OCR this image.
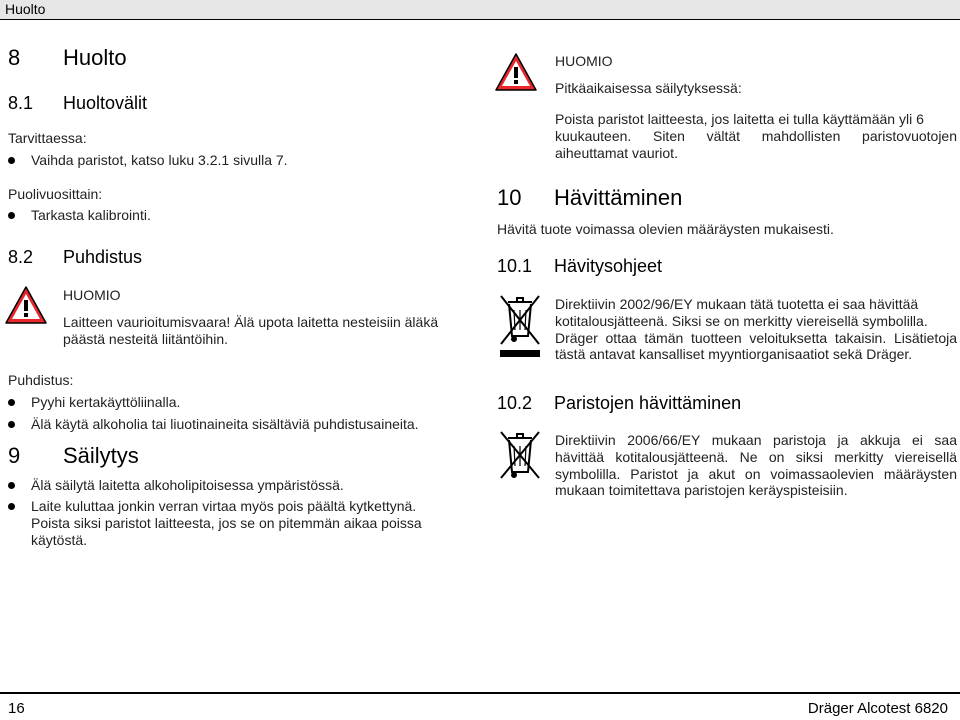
Huolto
8 Huolto
8.1 Huoltovälit
Tarvittaessa:
Vaihda paristot, katso luku 3.2.1 sivulla 7.
Puolivuosittain:
Tarkasta kalibrointi.
8.2 Puhdistus
HUOMIO
Laitteen vaurioitumisvaara! Älä upota laitetta nesteisiin äläkä
päästä nesteitä liitäntöihin.
Puhdistus:
Pyyhi kertakäyttöliinalla.
Älä käytä alkoholia tai liuotinaineita sisältäviä puhdistusaineita.
9 Säilytys
Älä säilytä laitetta alkoholipitoisessa ympäristössä.
Laite kuluttaa jonkin verran virtaa myös pois päältä kytkettynä.
Poista siksi paristot laitteesta, jos se on pitemmän aikaa poissa
käytöstä.
HUOMIO
Pitkäaikaisessa säilytyksessä:
Poista paristot laitteesta, jos laitetta ei tulla käyttämään yli 6
kuukauteen. Siten vältät mahdollisten paristovuotojen
aiheuttamat vauriot.
10 Hävittäminen
Hävitä tuote voimassa olevien määräysten mukaisesti.
10.1 Hävitysohjeet
Direktiivin 2002/96/EY mukaan tätä tuotetta ei saa hävittää
kotitalousjätteenä. Siksi se on merkitty viereisellä symbolilla.
Dräger ottaa tämän tuotteen veloituksetta takaisin. Lisätietoja
tästä antavat kansalliset myyntiorganisaatiot sekä Dräger.
10.2 Paristojen hävittäminen
Direktiivin 2006/66/EY mukaan paristoja ja akkuja ei saa
hävittää kotitalousjätteenä. Ne on siksi merkitty viereisellä
symbolilla. Paristot ja akut on voimassaolevien määräysten
mukaan toimitettava paristojen keräyspisteisiin.
16	Dräger Alcotest 6820
